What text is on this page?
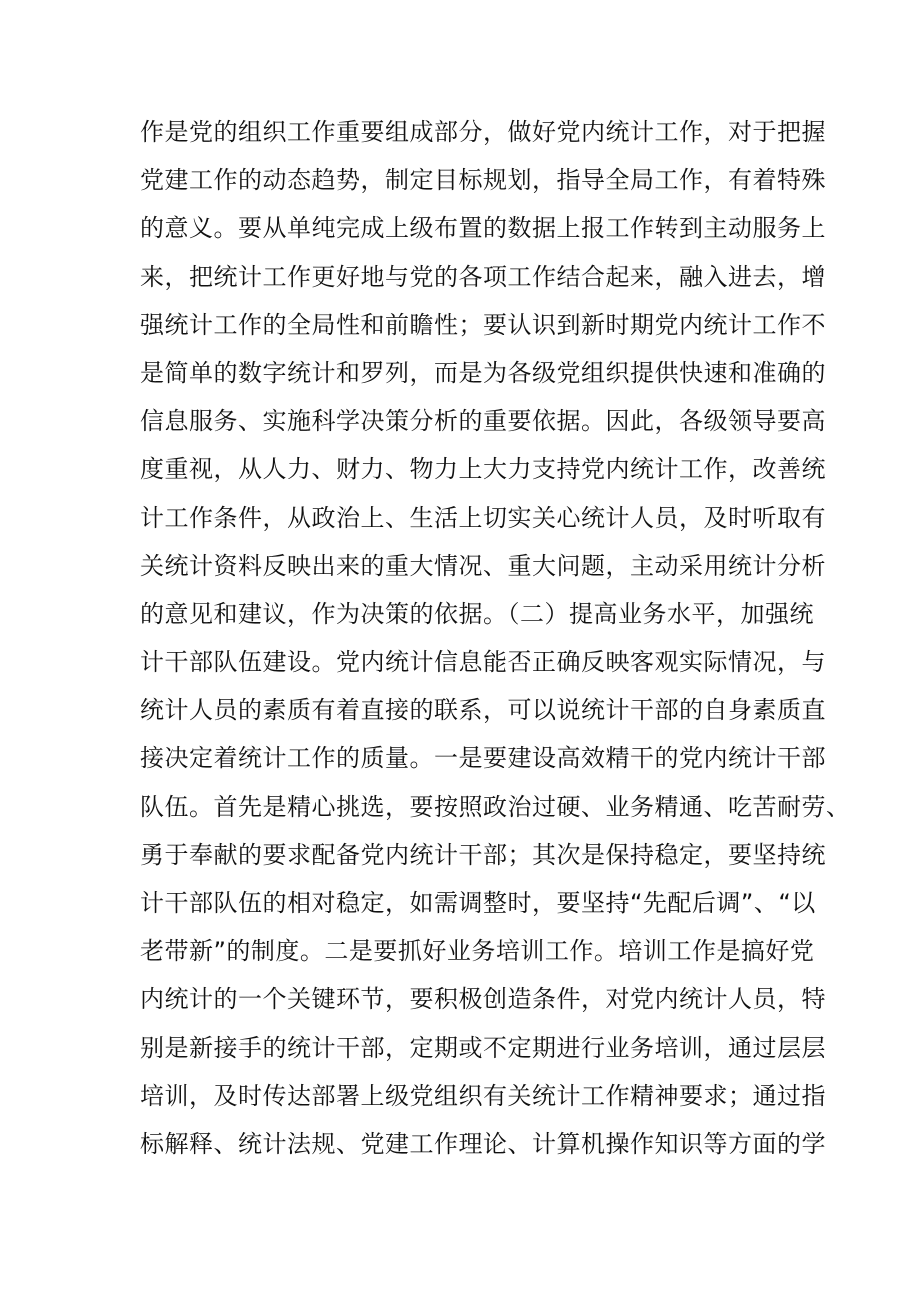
作是党的组织工作重要组成部分，做好党内统计工作，对于把握
党建工作的动态趋势，制定目标规划，指导全局工作，有着特殊
的意义。要从单纯完成上级布置的数据上报工作转到主动服务上
来，把统计工作更好地与党的各项工作结合起来，融入进去，增
强统计工作的全局性和前瞻性；要认识到新时期党内统计工作不
是简单的数字统计和罗列，而是为各级党组织提供快速和准确的
信息服务、实施科学决策分析的重要依据。因此，各级领导要高
度重视，从人力、财力、物力上大力支持党内统计工作，改善统
计工作条件，从政治上、生活上切实关心统计人员，及时听取有
关统计资料反映出来的重大情况、重大问题，主动采用统计分析
的意见和建议，作为决策的依据。（二）提高业务水平，加强统
计干部队伍建设。党内统计信息能否正确反映客观实际情况，与
统计人员的素质有着直接的联系，可以说统计干部的自身素质直
接决定着统计工作的质量。一是要建设高效精干的党内统计干部
队伍。首先是精心挑选，要按照政治过硬、业务精通、吃苦耐劳、
勇于奉献的要求配备党内统计干部；其次是保持稳定，要坚持统
计干部队伍的相对稳定，如需调整时，要坚持“先配后调”、“以
老带新”的制度。二是要抓好业务培训工作。培训工作是搞好党
内统计的一个关键环节，要积极创造条件，对党内统计人员，特
别是新接手的统计干部，定期或不定期进行业务培训，通过层层
培训，及时传达部署上级党组织有关统计工作精神要求；通过指
标解释、统计法规、党建工作理论、计算机操作知识等方面的学
